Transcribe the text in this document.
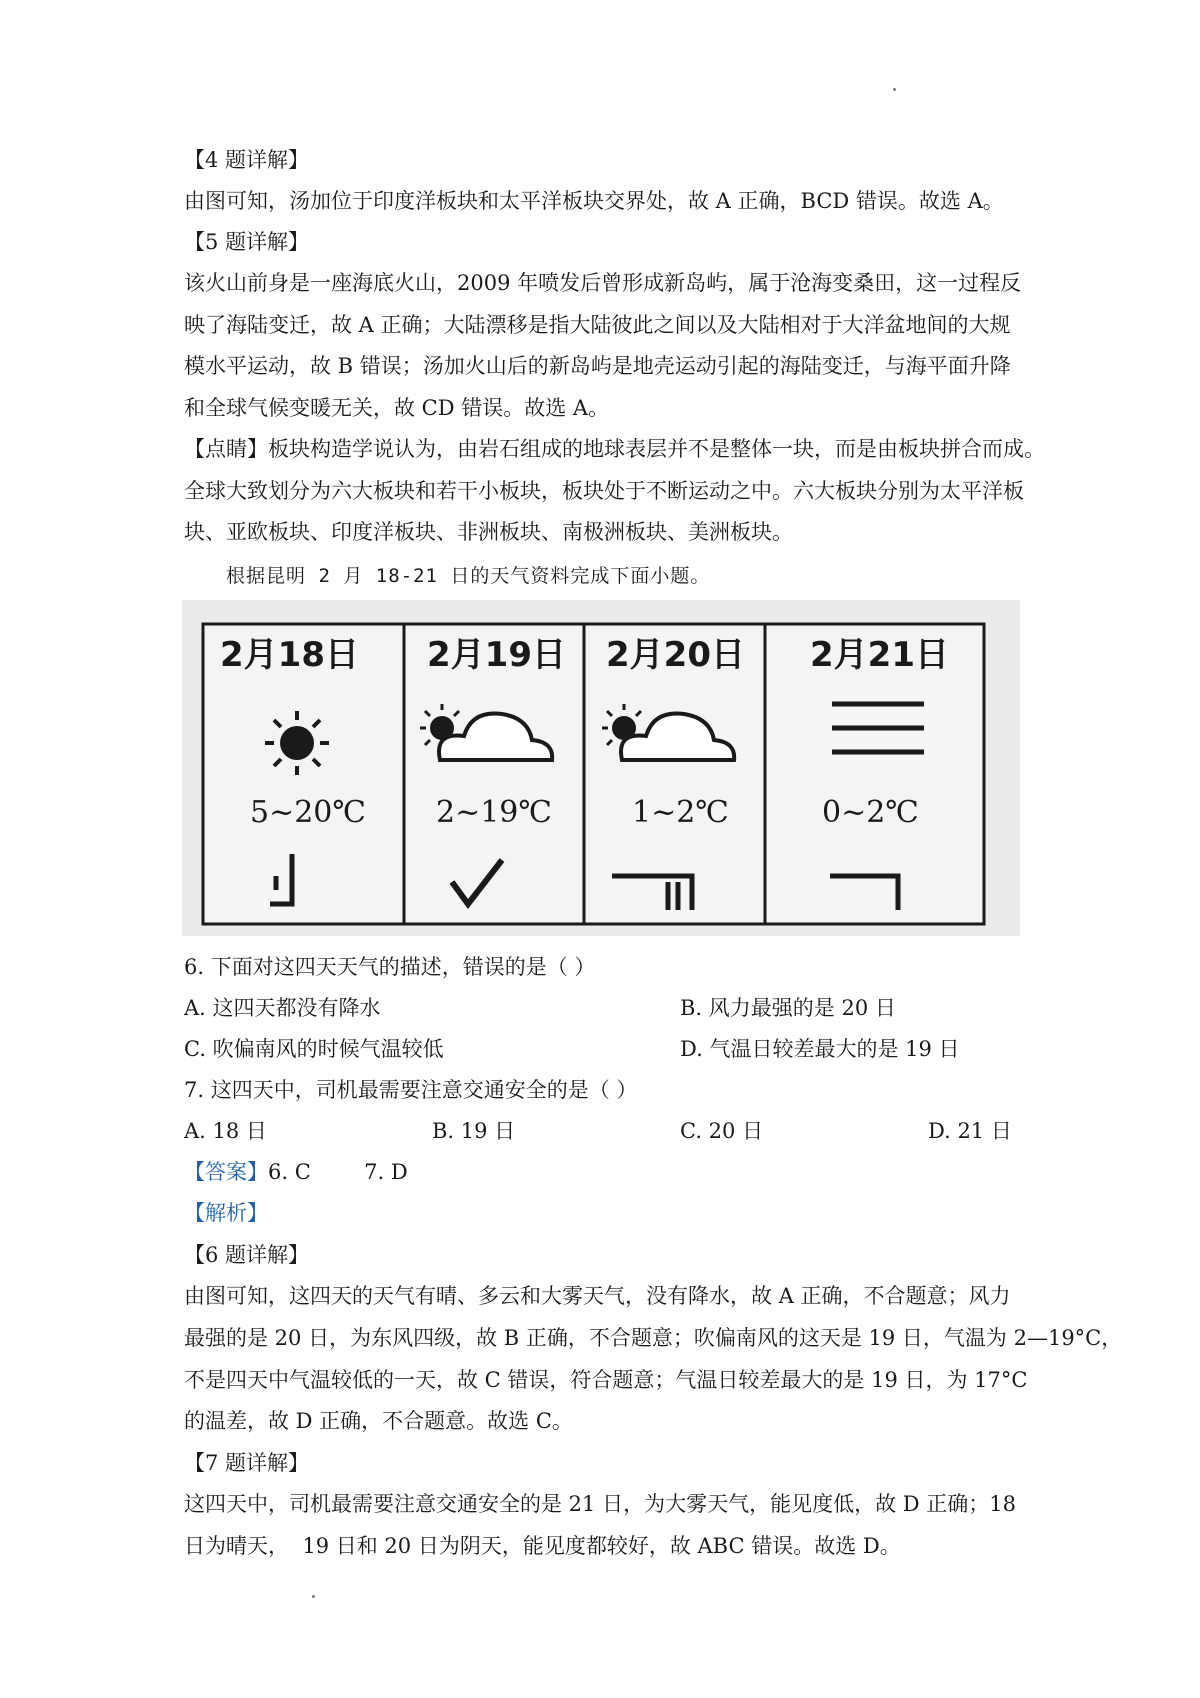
【4 题详解】
由图可知，汤加位于印度洋板块和太平洋板块交界处，故 A 正确，BCD 错误。故选 A。
【5 题详解】
该火山前身是一座海底火山，2009 年喷发后曾形成新岛屿，属于沧海变桑田，这一过程反
映了海陆变迁，故 A 正确；大陆漂移是指大陆彼此之间以及大陆相对于大洋盆地间的大规
模水平运动，故 B 错误；汤加火山后的新岛屿是地壳运动引起的海陆变迁，与海平面升降
和全球气候变暖无关，故 CD 错误。故选 A。
【点睛】板块构造学说认为，由岩石组成的地球表层并不是整体一块，而是由板块拼合而成。
全球大致划分为六大板块和若干小板块，板块处于不断运动之中。六大板块分别为太平洋板
块、亚欧板块、印度洋板块、非洲板块、南极洲板块、美洲板块。
根据昆明 2 月 18-21 日的天气资料完成下面小题。
2月18日 2月19日 2月20日 2月21日
5~20℃ 2~19℃	1~2℃	0~2℃
6. 下面对这四天天气的描述，错误的是（ ）
A. 这四天都没有降水	B. 风力最强的是 20 日
C. 吹偏南风的时候气温较低	D. 气温日较差最大的是 19 日
7. 这四天中，司机最需要注意交通安全的是（ ）
A. 18 日	B. 19 日	C. 20 日	D. 21 日
【答案】6. C        7. D
【解析】
【6 题详解】
由图可知，这四天的天气有晴、多云和大雾天气，没有降水，故 A 正确，不合题意；风力
最强的是 20 日，为东风四级，故 B 正确，不合题意；吹偏南风的这天是 19 日，气温为 2—19°C，
不是四天中气温较低的一天，故 C 错误，符合题意；气温日较差最大的是 19 日，为 17°C
的温差，故 D 正确，不合题意。故选 C。
【7 题详解】
这四天中，司机最需要注意交通安全的是 21 日，为大雾天气，能见度低，故 D 正确；18
日为晴天，  19 日和 20 日为阴天，能见度都较好，故 ABC 错误。故选 D。
